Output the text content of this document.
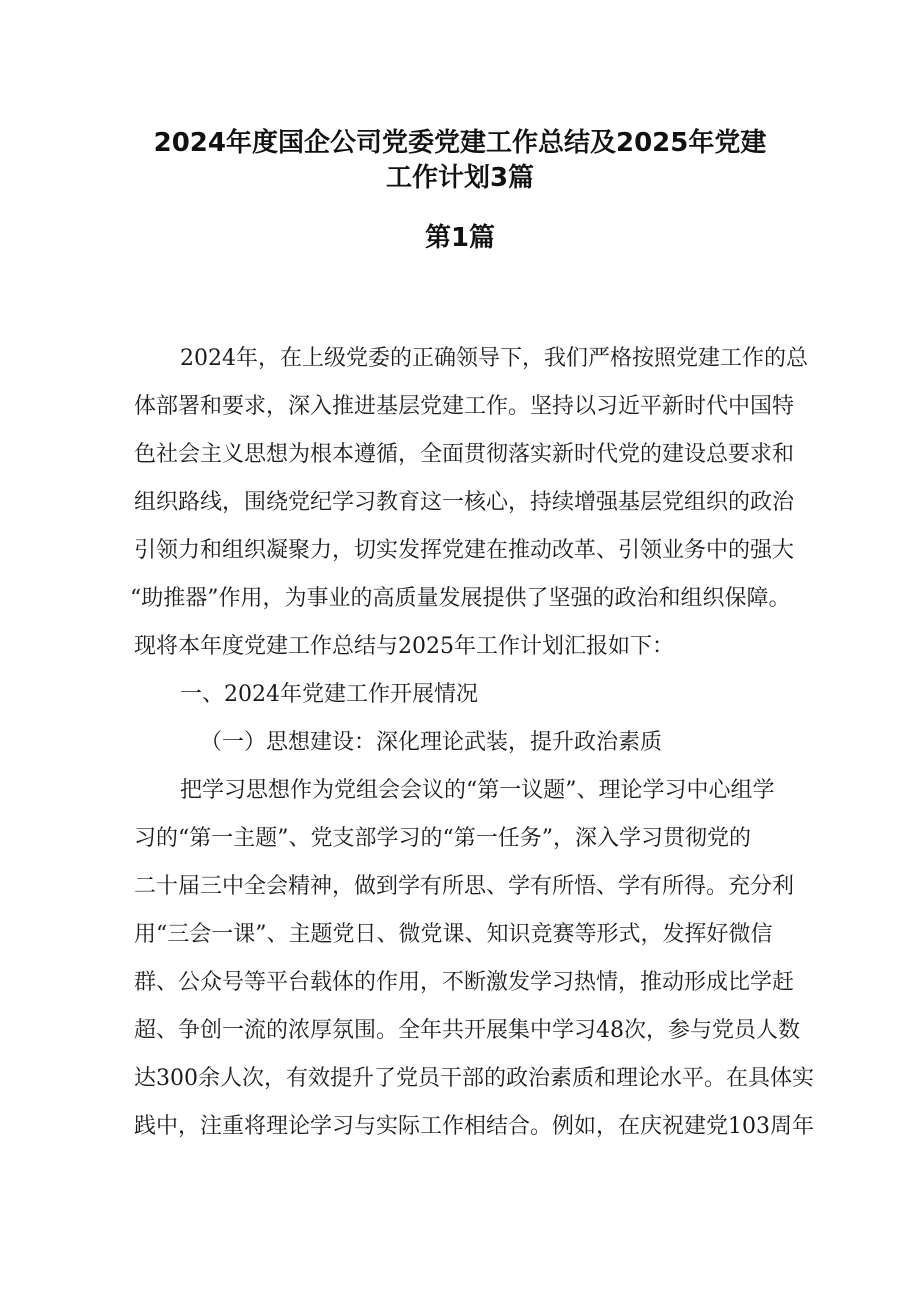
2024年度国企公司党委党建工作总结及2025年党建
工作计划3篇
第1篇
2024年，在上级党委的正确领导下，我们严格按照党建工作的总
体部署和要求，深入推进基层党建工作。坚持以习近平新时代中国特
色社会主义思想为根本遵循，全面贯彻落实新时代党的建设总要求和
组织路线，围绕党纪学习教育这一核心，持续增强基层党组织的政治
引领力和组织凝聚力，切实发挥党建在推动改革、引领业务中的强大
“助推器”作用，为事业的高质量发展提供了坚强的政治和组织保障。
现将本年度党建工作总结与2025年工作计划汇报如下：
一、2024年党建工作开展情况
（一）思想建设：深化理论武装，提升政治素质
把学习思想作为党组会会议的“第一议题”、理论学习中心组学
习的“第一主题”、党支部学习的“第一任务”，深入学习贯彻党的
二十届三中全会精神，做到学有所思、学有所悟、学有所得。充分利
用“三会一课”、主题党日、微党课、知识竞赛等形式，发挥好微信
群、公众号等平台载体的作用，不断激发学习热情，推动形成比学赶
超、争创一流的浓厚氛围。全年共开展集中学习48次，参与党员人数
达300余人次，有效提升了党员干部的政治素质和理论水平。在具体实
践中，注重将理论学习与实际工作相结合。例如，在庆祝建党103周年
